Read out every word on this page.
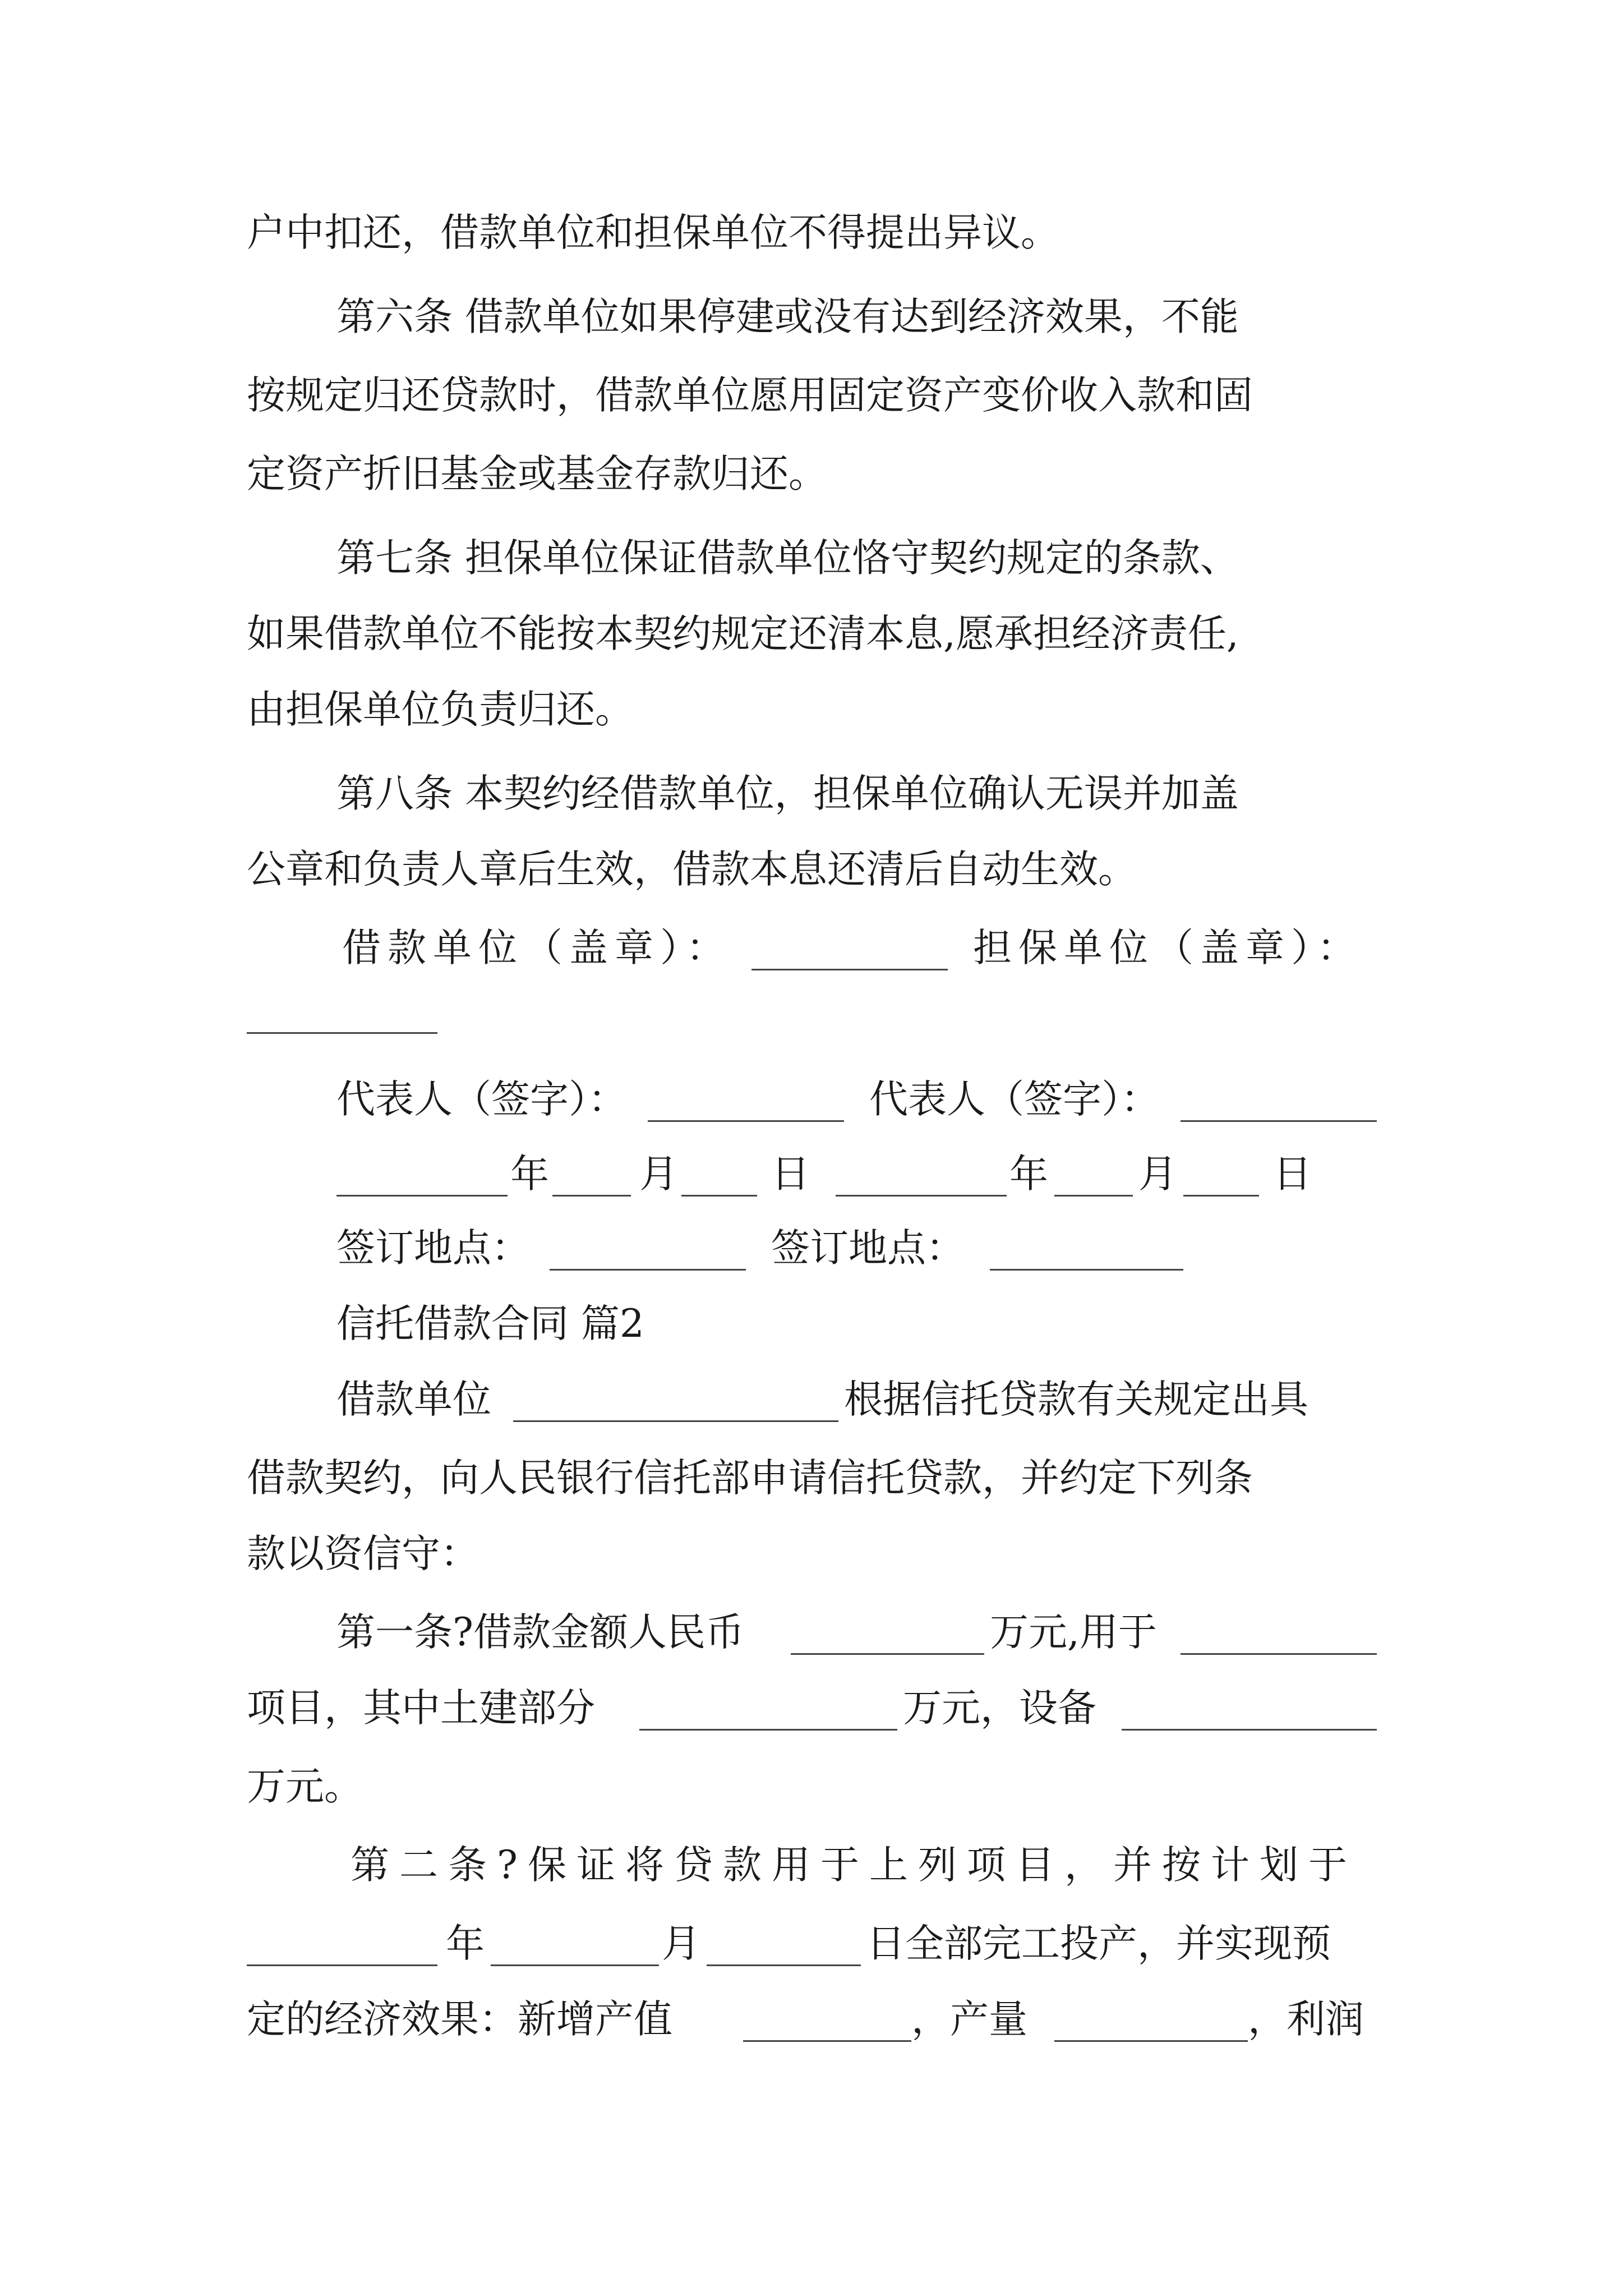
户中扣还，借款单位和担保单位不得提出异议。
第六条 借款单位如果停建或没有达到经济效果，不能
按规定归还贷款时，借款单位愿用固定资产变价收入款和固
定资产折旧基金或基金存款归还。
第七条 担保单位保证借款单位恪守契约规定的条款、
如果借款单位不能按本契约规定还清本息,愿承担经济责任,
由担保单位负责归还。
第八条 本契约经借款单位，担保单位确认无误并加盖
公章和负责人章后生效，借款本息还清后自动生效。
借款单位（盖章）：	担保单位（盖章）：
代表人（签字）：	代表人（签字）：
年 月 日	年 月 日
签订地点：	签订地点：
信托借款合同 篇2
借款单位	根据信托贷款有关规定出具
借款契约，向人民银行信托部申请信托贷款，并约定下列条
款以资信守：
第一条?借款金额人民币	万元,用于
项目，其中土建部分	万元，设备
万元。
第二条?保证将贷款用于上列项目，并按计划于
年	月	日全部完工投产，并实现预
定的经济效果：新增产值	，产量	，利润
